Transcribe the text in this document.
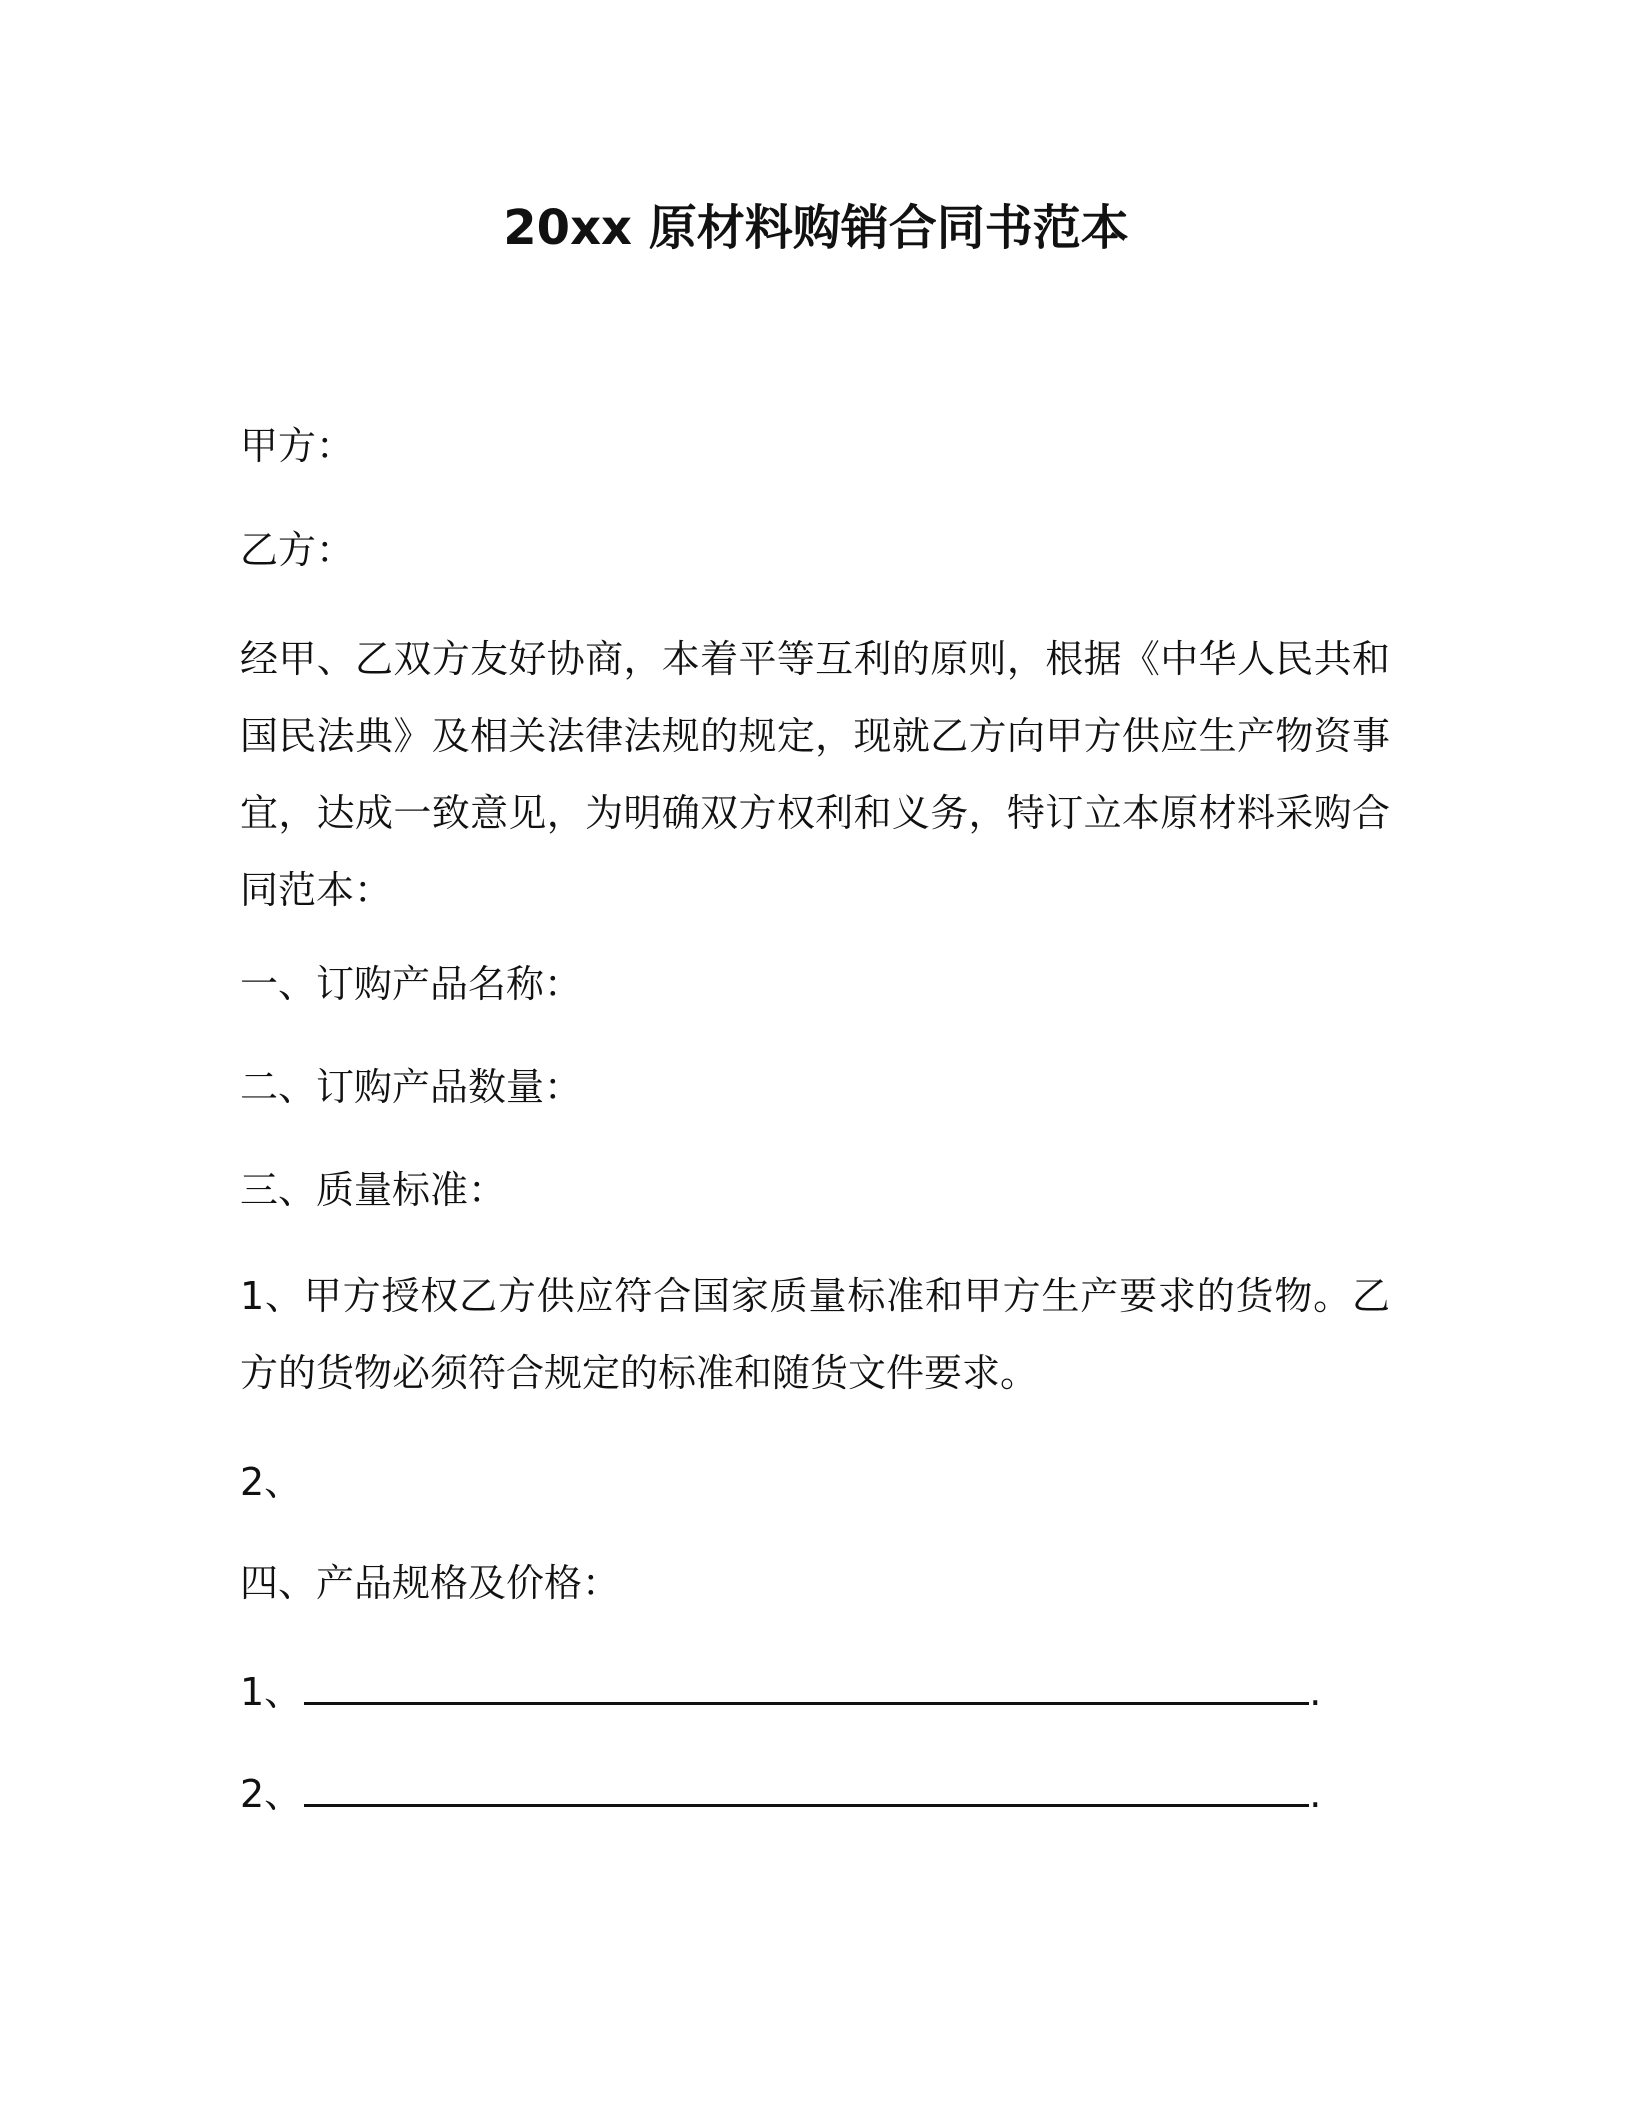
20xx 原材料购销合同书范本
甲方：
乙方：
经甲、乙双方友好协商，本着平等互利的原则，根据《中华人民共和国民法典》及相关法律法规的规定，现就乙方向甲方供应生产物资事宜，达成一致意见，为明确双方权利和义务，特订立本原材料采购合同范本：
一、订购产品名称：
二、订购产品数量：
三、质量标准：
1、甲方授权乙方供应符合国家质量标准和甲方生产要求的货物。乙方的货物必须符合规定的标准和随货文件要求。
2、
四、产品规格及价格：
1、	.
2、	.
